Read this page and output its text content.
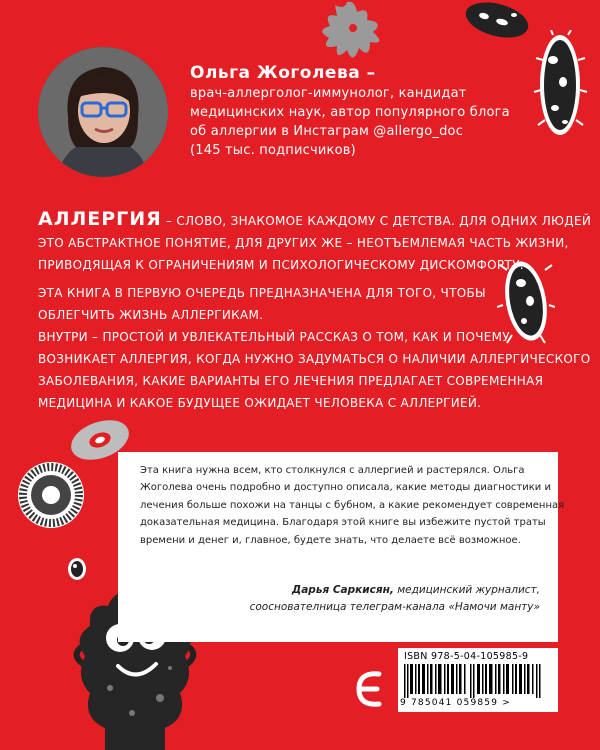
Ольга Жоголева –
врач-аллерголог-иммунолог, кандидат
медицинских наук, автор популярного блога
об аллергии в Инстаграм @allergo_doc
(145 тыс. подписчиков)
АЛЛЕРГИЯ – СЛОВО, ЗНАКОМОЕ КАЖДОМУ С ДЕТСТВА. ДЛЯ ОДНИХ ЛЮДЕЙ
ЭТО АБСТРАКТНОЕ ПОНЯТИЕ, ДЛЯ ДРУГИХ ЖЕ – НЕОТЪЕМЛЕМАЯ ЧАСТЬ ЖИЗНИ,
ПРИВОДЯЩАЯ К ОГРАНИЧЕНИЯМ И ПСИХОЛОГИЧЕСКОМУ ДИСКОМФОРТУ.
ЭТА КНИГА В ПЕРВУЮ ОЧЕРЕДЬ ПРЕДНАЗНАЧЕНА ДЛЯ ТОГО, ЧТОБЫ
ОБЛЕГЧИТЬ ЖИЗНЬ АЛЛЕРГИКАМ.
ВНУТРИ – ПРОСТОЙ И УВЛЕКАТЕЛЬНЫЙ РАССКАЗ О ТОМ, КАК И ПОЧЕМУ
ВОЗНИКАЕТ АЛЛЕРГИЯ, КОГДА НУЖНО ЗАДУМАТЬСЯ О НАЛИЧИИ АЛЛЕРГИЧЕСКОГО
ЗАБОЛЕВАНИЯ, КАКИЕ ВАРИАНТЫ ЕГО ЛЕЧЕНИЯ ПРЕДЛАГАЕТ СОВРЕМЕННАЯ
МЕДИЦИНА И КАКОЕ БУДУЩЕЕ ОЖИДАЕТ ЧЕЛОВЕКА С АЛЛЕРГИЕЙ.
Эта книга нужна всем, кто столкнулся с аллергией и растерялся. Ольга
Жоголева очень подробно и доступно описала, какие методы диагностики и
лечения больше похожи на танцы с бубном, а какие рекомендует современная
доказательная медицина. Благодаря этой книге вы избежите пустой траты
времени и денег и, главное, будете знать, что делаете всё возможное.
Дарья Саркисян, медицинский журналист,
сооснователница телеграм-канала «Намочи манту»
ISBN 978-5-04-105985-9
9 785041 059859 >
